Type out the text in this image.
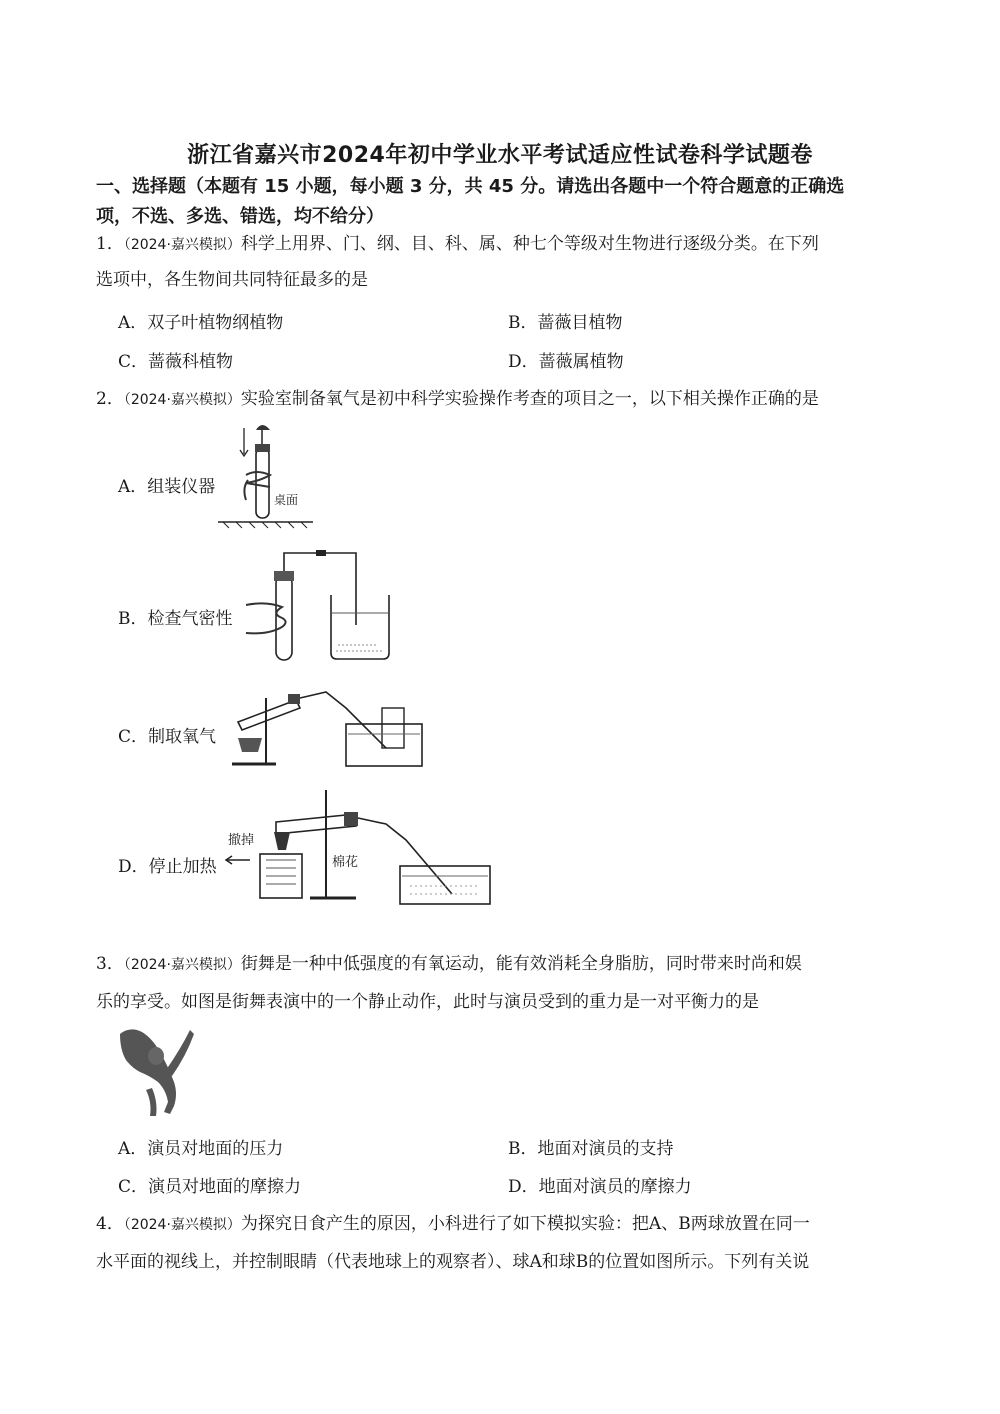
浙江省嘉兴市2024年初中学业水平考试适应性试卷科学试题卷
一、选择题（本题有 15 小题，每小题 3 分，共 45 分。请选出各题中一个符合题意的正确选
项，不选、多选、错选，均不给分）
1．（2024·嘉兴模拟）科学上用界、门、纲、目、科、属、种七个等级对生物进行逐级分类。在下列
选项中，各生物间共同特征最多的是
A．双子叶植物纲植物	B．蔷薇目植物
C．蔷薇科植物	D．蔷薇属植物
2．（2024·嘉兴模拟）实验室制备氧气是初中科学实验操作考查的项目之一，以下相关操作正确的是
A．组装仪器
桌面
B．检查气密性
C．制取氧气
D．停止加热
撤掉
棉花
3．（2024·嘉兴模拟）街舞是一种中低强度的有氧运动，能有效消耗全身脂肪，同时带来时尚和娱
乐的享受。如图是街舞表演中的一个静止动作，此时与演员受到的重力是一对平衡力的是
A．演员对地面的压力	B．地面对演员的支持
C．演员对地面的摩擦力	D．地面对演员的摩擦力
4．（2024·嘉兴模拟）为探究日食产生的原因，小科进行了如下模拟实验：把A、B两球放置在同一
水平面的视线上，并控制眼睛（代表地球上的观察者）、球A和球B的位置如图所示。下列有关说
